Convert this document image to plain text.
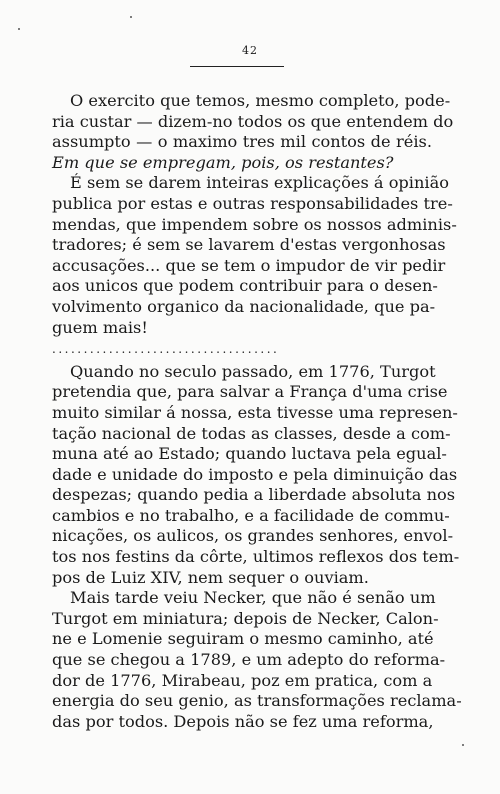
42

O exercito que temos, mesmo completo, pode-
ria custar — dizem-no todos os que entendem do
assumpto — o maximo tres mil contos de réis.
Em que se empregam, pois, os restantes?

É sem se darem inteiras explicações á opinião
publica por estas e outras responsabilidades tre-
mendas, que impendem sobre os nossos adminis-
tradores; é sem se lavarem d'estas vergonhosas
accusações... que se tem o impudor de vir pedir
aos unicos que podem contribuir para o desen-
volvimento organico da nacionalidade, que pa-
guem mais!

....................................

Quando no seculo passado, em 1776, Turgot
pretendia que, para salvar a França d'uma crise
muito similar á nossa, esta tivesse uma represen-
tação nacional de todas as classes, desde a com-
muna até ao Estado; quando luctava pela egual-
dade e unidade do imposto e pela diminuição das
despezas; quando pedia a liberdade absoluta nos
cambios e no trabalho, e a facilidade de commu-
nicações, os aulicos, os grandes senhores, envol-
tos nos festins da côrte, ultimos reflexos dos tem-
pos de Luiz XIV, nem sequer o ouviam.

Mais tarde veiu Necker, que não é senão um
Turgot em miniatura; depois de Necker, Calon-
ne e Lomenie seguiram o mesmo caminho, até
que se chegou a 1789, e um adepto do reforma-
dor de 1776, Mirabeau, poz em pratica, com a
energia do seu genio, as transformações reclama-
das por todos. Depois não se fez uma reforma,
